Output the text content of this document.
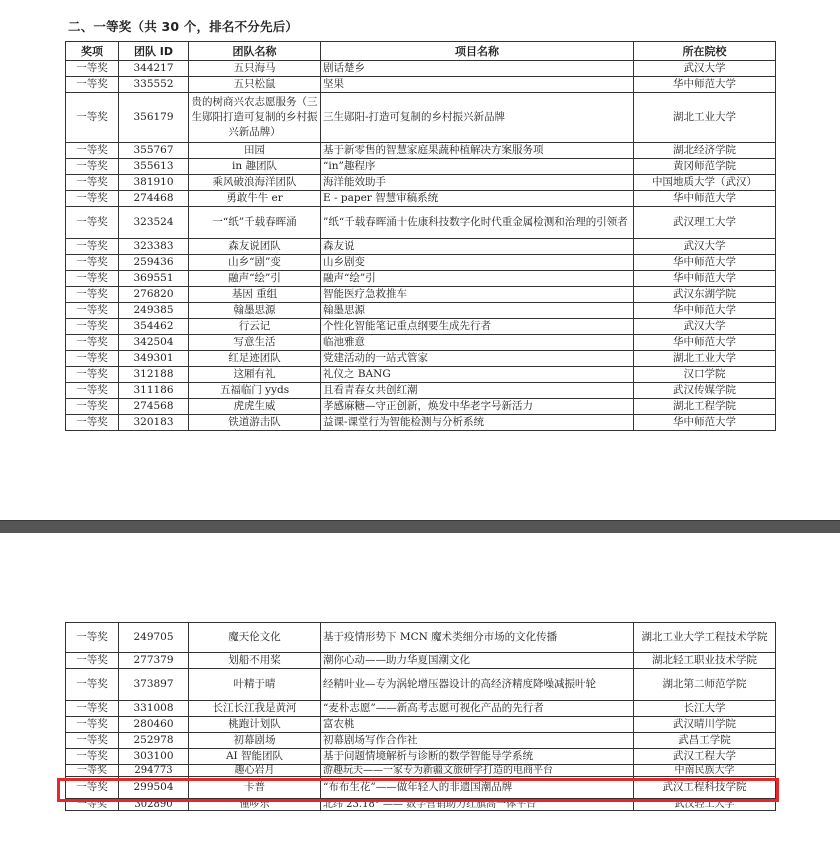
二、一等奖（共 30 个，排名不分先后）
奖项	团队 ID	团队名称	项目名称	所在院校
一等奖	344217	五只海马	剧话楚乡	武汉大学
一等奖	335552	五只松鼠	坚果	华中师范大学
一等奖	356179	贵的树商兴农志愿服务（三生郧阳打造可复制的乡村振兴新品牌）	三生郧阳-打造可复制的乡村振兴新品牌	湖北工业大学
一等奖	355767	田园	基于新零售的智慧家庭果蔬种植解决方案服务项	湖北经济学院
一等奖	355613	in 趣团队	“in”趣程序	黄冈师范学院
一等奖	381910	乘风破浪海洋团队	海洋能效助手	中国地质大学（武汉）
一等奖	274468	勇敢牛牛 er	E - paper 智慧审稿系统	华中师范大学
一等奖	323524	一“纸”千载春晖涌	”纸“千载春晖涌十佐康科技数字化时代重金属检测和治理的引领者	武汉理工大学
一等奖	323383	森友说团队	森友说	武汉大学
一等奖	259436	山乡“剧”变	山乡剧变	华中师范大学
一等奖	369551	融声“绘”引	融声“绘”引	华中师范大学
一等奖	276820	基因 重组	智能医疗急救推车	武汉东湖学院
一等奖	249385	翰墨思源	翰墨思源	华中师范大学
一等奖	354462	行云记	个性化智能笔记重点纲要生成先行者	武汉大学
一等奖	342504	写意生活	临池雅意	华中师范大学
一等奖	349301	红足迹团队	党建活动的一站式管家	湖北工业大学
一等奖	312188	这厢有礼	礼仪之 BANG	汉口学院
一等奖	311186	五福临门 yyds	且看青春女共创红潮	武汉传媒学院
一等奖	274568	虎虎生威	孝感麻糖—守正创新，焕发中华老字号新活力	湖北工程学院
一等奖	320183	铁道游击队	益课-课堂行为智能检测与分析系统	华中师范大学
一等奖	249705	魔天伦文化	基于疫情形势下 MCN 魔术类细分市场的文化传播	湖北工业大学工程技术学院
一等奖	277379	划船不用桨	潮你心动——助力华夏国潮文化	湖北轻工职业技术学院
一等奖	373897	叶精于晴	经精叶业—专为涡轮增压器设计的高经济精度降噪减振叶轮	湖北第二师范学院
一等奖	331008	长江长江我是黄河	“麦朴志愿”——新高考志愿可视化产品的先行者	长江大学
一等奖	280460	桃跑计划队	富农桃	武汉晴川学院
一等奖	252978	初幕剧场	初幕剧场写作合作社	武昌工学院
一等奖	303100	AI 智能团队	基于问题情境解析与诊断的数学智能导学系统	武汉工程大学
一等奖	294773	趣心岩月	游趣玩夫——一家专为新疆文旅研学打造的电商平台	中南民族大学
一等奖	299504	卡普	“布布生花”——做年轻人的非遗国潮品牌	武汉工程科技学院
一等奖	302890	懂啰乐	北纬 23.18° —— 数字营销助力红旗高一体平台	武汉轻工大学
